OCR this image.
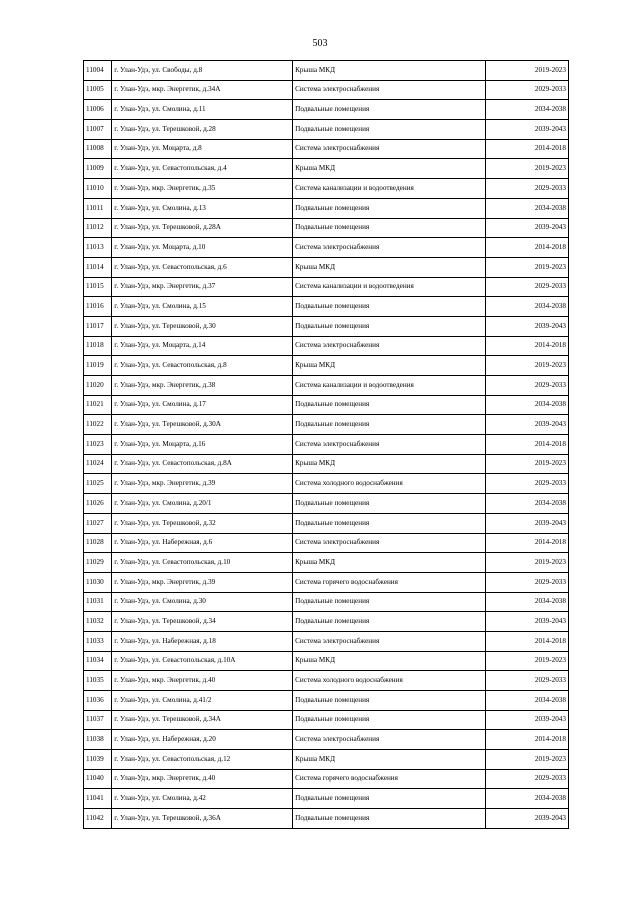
503
11004	г. Улан-Удэ, ул. Свободы, д.8	Крыша МКД	2019-2023
11005	г. Улан-Удэ, мкр. Энергетик, д.34А	Система электроснабжения	2029-2033
11006	г. Улан-Удэ, ул. Смолина, д.11	Подвальные помещения	2034-2038
11007	г. Улан-Удэ, ул. Терешковой, д.28	Подвальные помещения	2039-2043
11008	г. Улан-Удэ, ул. Моцарта, д.8	Система электроснабжения	2014-2018
11009	г. Улан-Удэ, ул. Севастопольская, д.4	Крыша МКД	2019-2023
11010	г. Улан-Удэ, мкр. Энергетик, д.35	Система канализации и водоотведения	2029-2033
11011	г. Улан-Удэ, ул. Смолина, д.13	Подвальные помещения	2034-2038
11012	г. Улан-Удэ, ул. Терешковой, д.28А	Подвальные помещения	2039-2043
11013	г. Улан-Удэ, ул. Моцарта, д.10	Система электроснабжения	2014-2018
11014	г. Улан-Удэ, ул. Севастопольская, д.6	Крыша МКД	2019-2023
11015	г. Улан-Удэ, мкр. Энергетик, д.37	Система канализации и водоотведения	2029-2033
11016	г. Улан-Удэ, ул. Смолина, д.15	Подвальные помещения	2034-2038
11017	г. Улан-Удэ, ул. Терешковой, д.30	Подвальные помещения	2039-2043
11018	г. Улан-Удэ, ул. Моцарта, д.14	Система электроснабжения	2014-2018
11019	г. Улан-Удэ, ул. Севастопольская, д.8	Крыша МКД	2019-2023
11020	г. Улан-Удэ, мкр. Энергетик, д.38	Система канализации и водоотведения	2029-2033
11021	г. Улан-Удэ, ул. Смолина, д.17	Подвальные помещения	2034-2038
11022	г. Улан-Удэ, ул. Терешковой, д.30А	Подвальные помещения	2039-2043
11023	г. Улан-Удэ, ул. Моцарта, д.16	Система электроснабжения	2014-2018
11024	г. Улан-Удэ, ул. Севастопольская, д.8А	Крыша МКД	2019-2023
11025	г. Улан-Удэ, мкр. Энергетик, д.39	Система холодного водоснабжения	2029-2033
11026	г. Улан-Удэ, ул. Смолина, д.20/1	Подвальные помещения	2034-2038
11027	г. Улан-Удэ, ул. Терешковой, д.32	Подвальные помещения	2039-2043
11028	г. Улан-Удэ, ул. Набережная, д.6	Система электроснабжения	2014-2018
11029	г. Улан-Удэ, ул. Севастопольская, д.10	Крыша МКД	2019-2023
11030	г. Улан-Удэ, мкр. Энергетик, д.39	Система горячего водоснабжения	2029-2033
11031	г. Улан-Удэ, ул. Смолина, д.30	Подвальные помещения	2034-2038
11032	г. Улан-Удэ, ул. Терешковой, д.34	Подвальные помещения	2039-2043
11033	г. Улан-Удэ, ул. Набережная, д.18	Система электроснабжения	2014-2018
11034	г. Улан-Удэ, ул. Севастопольская, д.10А	Крыша МКД	2019-2023
11035	г. Улан-Удэ, мкр. Энергетик, д.40	Система холодного водоснабжения	2029-2033
11036	г. Улан-Удэ, ул. Смолина, д.41/2	Подвальные помещения	2034-2038
11037	г. Улан-Удэ, ул. Терешковой, д.34А	Подвальные помещения	2039-2043
11038	г. Улан-Удэ, ул. Набережная, д.20	Система электроснабжения	2014-2018
11039	г. Улан-Удэ, ул. Севастопольская, д.12	Крыша МКД	2019-2023
11040	г. Улан-Удэ, мкр. Энергетик, д.40	Система горячего водоснабжения	2029-2033
11041	г. Улан-Удэ, ул. Смолина, д.42	Подвальные помещения	2034-2038
11042	г. Улан-Удэ, ул. Терешковой, д.36А	Подвальные помещения	2039-2043
